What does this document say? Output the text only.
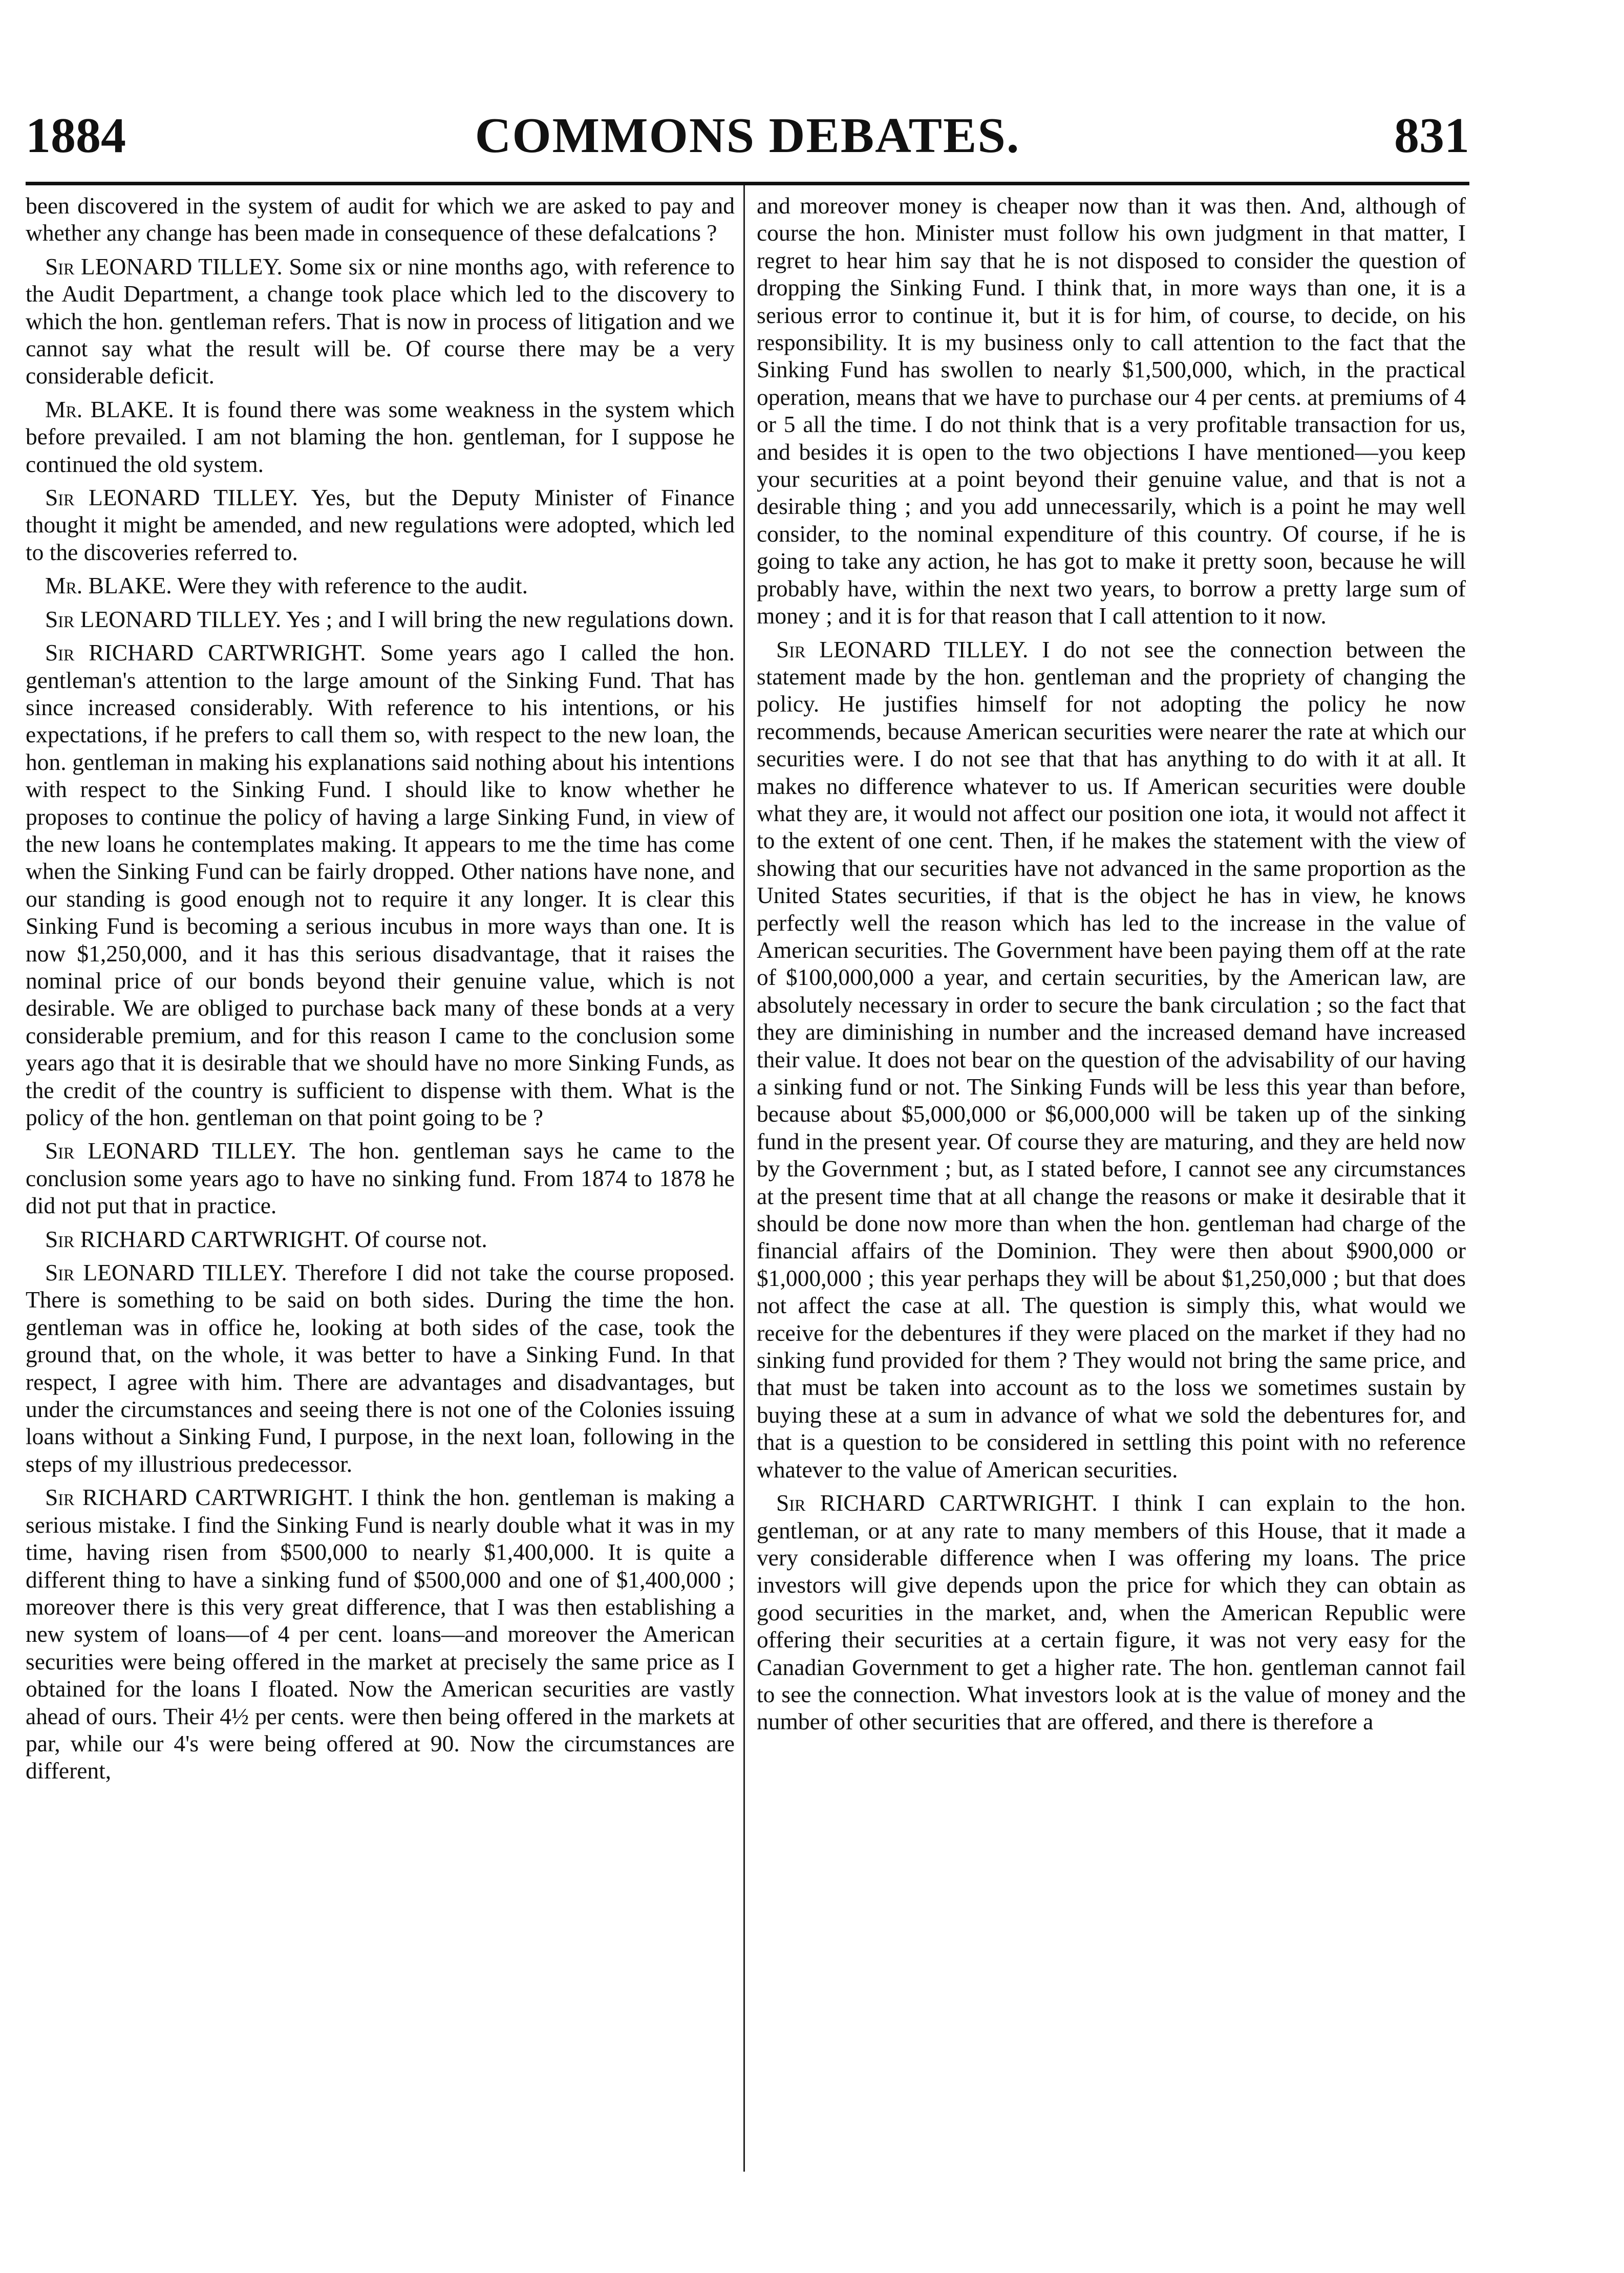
COMMONS DEBATES.
1884	831

been discovered in the system of audit for which we are asked to pay and whether any change has been made in consequence of these defalcations ?

Sir LEONARD TILLEY. Some six or nine months ago, with reference to the Audit Department, a change took place which led to the discovery to which the hon. gentleman refers. That is now in process of litigation and we cannot say what the result will be. Of course there may be a very considerable deficit.

Mr. BLAKE. It is found there was some weakness in the system which before prevailed. I am not blaming the hon. gentleman, for I suppose he continued the old system.

Sir LEONARD TILLEY. Yes, but the Deputy Minister of Finance thought it might be amended, and new regulations were adopted, which led to the discoveries referred to.

Mr. BLAKE. Were they with reference to the audit.

Sir LEONARD TILLEY. Yes ; and I will bring the new regulations down.

Sir RICHARD CARTWRIGHT. Some years ago I called the hon. gentleman's attention to the large amount of the Sinking Fund. That has since increased considerably. With reference to his intentions, or his expectations, if he prefers to call them so, with respect to the new loan, the hon. gentleman in making his explanations said nothing about his intentions with respect to the Sinking Fund. I should like to know whether he proposes to continue the policy of having a large Sinking Fund, in view of the new loans he contemplates making. It appears to me the time has come when the Sinking Fund can be fairly dropped. Other nations have none, and our standing is good enough not to require it any longer. It is clear this Sinking Fund is becoming a serious incubus in more ways than one. It is now $1,250,000, and it has this serious disadvantage, that it raises the nominal price of our bonds beyond their genuine value, which is not desirable. We are obliged to purchase back many of these bonds at a very considerable premium, and for this reason I came to the conclusion some years ago that it is desirable that we should have no more Sinking Funds, as the credit of the country is sufficient to dispense with them. What is the policy of the hon. gentleman on that point going to be ?

Sir LEONARD TILLEY. The hon. gentleman says he came to the conclusion some years ago to have no sinking fund. From 1874 to 1878 he did not put that in practice.

Sir RICHARD CARTWRIGHT. Of course not.

Sir LEONARD TILLEY. Therefore I did not take the course proposed. There is something to be said on both sides. During the time the hon. gentleman was in office he, looking at both sides of the case, took the ground that, on the whole, it was better to have a Sinking Fund. In that respect, I agree with him. There are advantages and disadvantages, but under the circumstances and seeing there is not one of the Colonies issuing loans without a Sinking Fund, I purpose, in the next loan, following in the steps of my illustrious predecessor.

Sir RICHARD CARTWRIGHT. I think the hon. gentleman is making a serious mistake. I find the Sinking Fund is nearly double what it was in my time, having risen from $500,000 to nearly $1,400,000. It is quite a different thing to have a sinking fund of $500,000 and one of $1,400,000 ; moreover there is this very great difference, that I was then establishing a new system of loans—of 4 per cent. loans—and moreover the American securities were being offered in the market at precisely the same price as I obtained for the loans I floated. Now the American securities are vastly ahead of ours. Their 4½ per cents. were then being offered in the markets at par, while our 4's were being offered at 90. Now the circumstances are different,

and moreover money is cheaper now than it was then. And, although of course the hon. Minister must follow his own judgment in that matter, I regret to hear him say that he is not disposed to consider the question of dropping the Sinking Fund. I think that, in more ways than one, it is a serious error to continue it, but it is for him, of course, to decide, on his responsibility. It is my business only to call attention to the fact that the Sinking Fund has swollen to nearly $1,500,000, which, in the practical operation, means that we have to purchase our 4 per cents. at premiums of 4 or 5 all the time. I do not think that is a very profitable transaction for us, and besides it is open to the two objections I have mentioned—you keep your securities at a point beyond their genuine value, and that is not a desirable thing ; and you add unnecessarily, which is a point he may well consider, to the nominal expenditure of this country. Of course, if he is going to take any action, he has got to make it pretty soon, because he will probably have, within the next two years, to borrow a pretty large sum of money ; and it is for that reason that I call attention to it now.

Sir LEONARD TILLEY. I do not see the connection between the statement made by the hon. gentleman and the propriety of changing the policy. He justifies himself for not adopting the policy he now recommends, because American securities were nearer the rate at which our securities were. I do not see that that has anything to do with it at all. It makes no difference whatever to us. If American securities were double what they are, it would not affect our position one iota, it would not affect it to the extent of one cent. Then, if he makes the statement with the view of showing that our securities have not advanced in the same proportion as the United States securities, if that is the object he has in view, he knows perfectly well the reason which has led to the increase in the value of American securities. The Government have been paying them off at the rate of $100,000,000 a year, and certain securities, by the American law, are absolutely necessary in order to secure the bank circulation ; so the fact that they are diminishing in number and the increased demand have increased their value. It does not bear on the question of the advisability of our having a sinking fund or not. The Sinking Funds will be less this year than before, because about $5,000,000 or $6,000,000 will be taken up of the sinking fund in the present year. Of course they are maturing, and they are held now by the Government ; but, as I stated before, I cannot see any circumstances at the present time that at all change the reasons or make it desirable that it should be done now more than when the hon. gentleman had charge of the financial affairs of the Dominion. They were then about $900,000 or $1,000,000 ; this year perhaps they will be about $1,250,000 ; but that does not affect the case at all. The question is simply this, what would we receive for the debentures if they were placed on the market if they had no sinking fund provided for them ? They would not bring the same price, and that must be taken into account as to the loss we sometimes sustain by buying these at a sum in advance of what we sold the debentures for, and that is a question to be considered in settling this point with no reference whatever to the value of American securities.

Sir RICHARD CARTWRIGHT. I think I can explain to the hon. gentleman, or at any rate to many members of this House, that it made a very considerable difference when I was offering my loans. The price investors will give depends upon the price for which they can obtain as good securities in the market, and, when the American Republic were offering their securities at a certain figure, it was not very easy for the Canadian Government to get a higher rate. The hon. gentleman cannot fail to see the connection. What investors look at is the value of money and the number of other securities that are offered, and there is therefore a
